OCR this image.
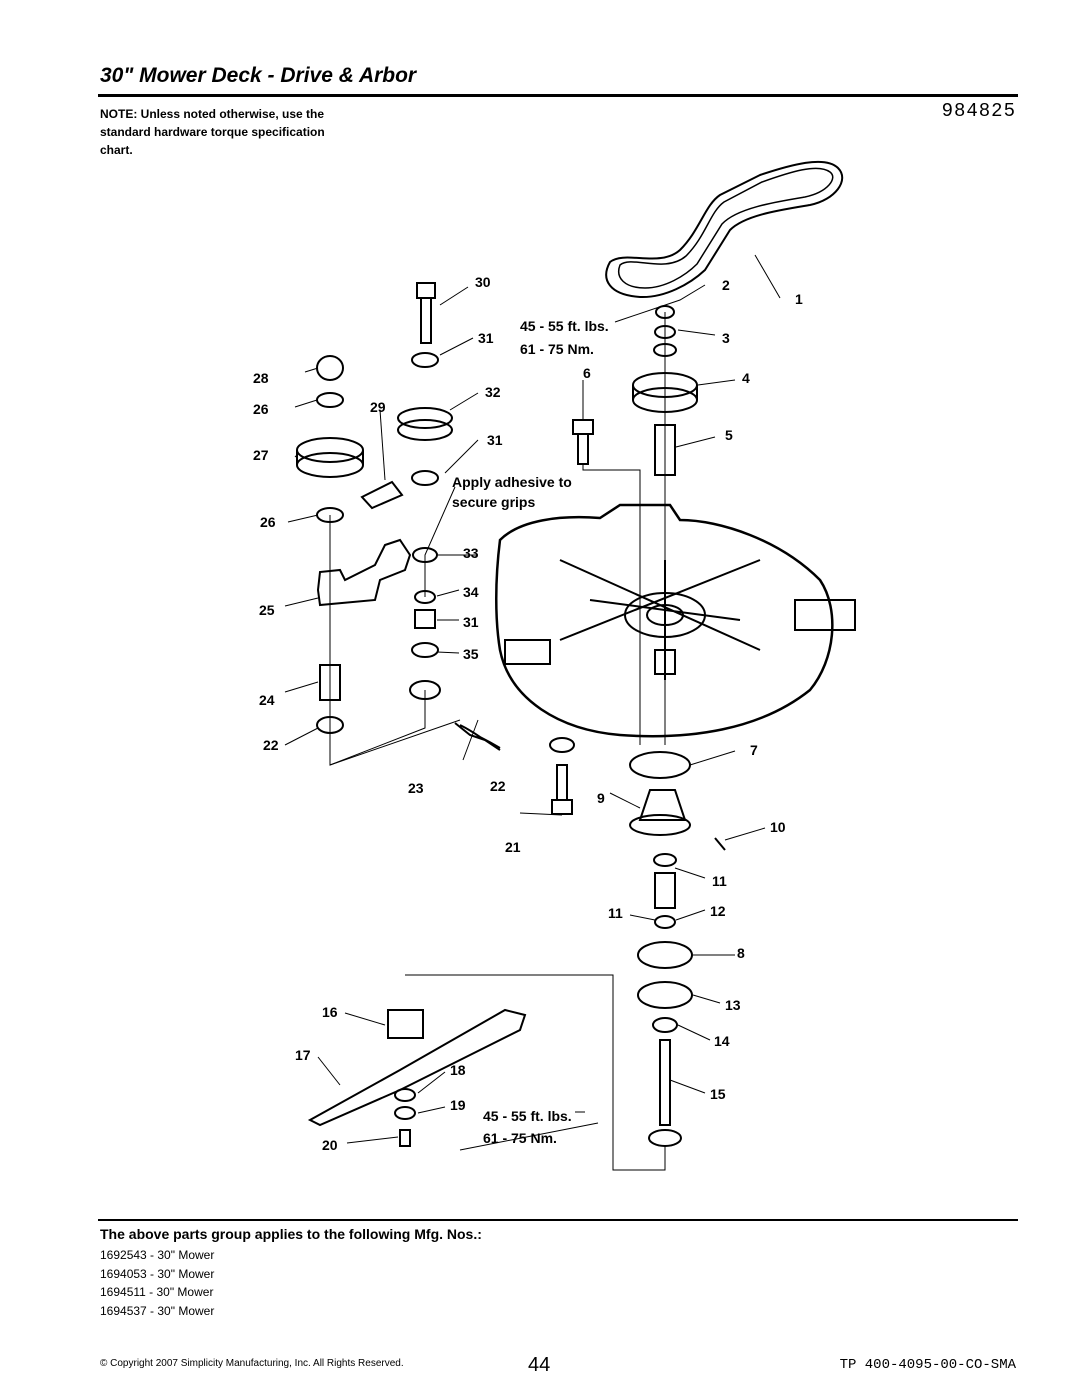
30" Mower Deck - Drive & Arbor
NOTE: Unless noted otherwise, use the standard hardware torque specification chart.
984825
1
2
3
4
5
6
7
8
9
10
11
11	12
13
14
15
16
17
18
19
20
21
22
22
23
24
25
26
26
27
28
29
30
31
31
31
32
33
34
35
45 - 55 ft. lbs.
61 - 75 Nm.
Apply adhesive to
secure grips
45 - 55 ft. lbs.
61 - 75 Nm.
The above parts group applies to the following Mfg. Nos.:
1692543 - 30" Mower
1694053 - 30" Mower
1694511 - 30" Mower
1694537 - 30" Mower
© Copyright 2007 Simplicity Manufacturing, Inc. All Rights Reserved.	44	TP 400-4095-00-CO-SMA
